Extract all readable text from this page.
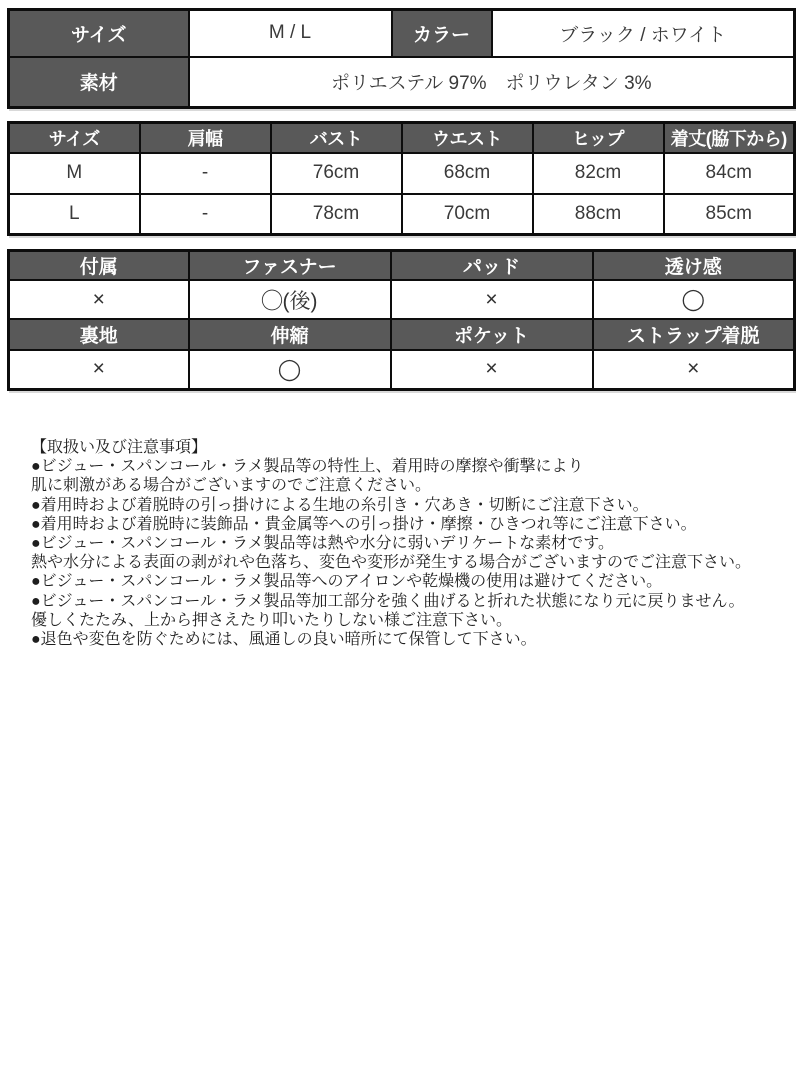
サイズ	M / L	カラー	ブラック / ホワイト
素材	ポリエステル 97%　ポリウレタン 3%		
サイズ	肩幅	バスト	ウエスト	ヒップ	着丈(脇下から)
M	-	76cm	68cm	82cm	84cm
L	-	78cm	70cm	88cm	85cm
付属	ファスナー	パッド	透け感
×	◯(後)	×	◯
裏地	伸縮	ポケット	ストラップ着脱
×	◯	×	×
【取扱い及び注意事項】
●ビジュー・スパンコール・ラメ製品等の特性上、着用時の摩擦や衝撃により
肌に刺激がある場合がございますのでご注意ください。
●着用時および着脱時の引っ掛けによる生地の糸引き・穴あき・切断にご注意下さい。
●着用時および着脱時に装飾品・貴金属等への引っ掛け・摩擦・ひきつれ等にご注意下さい。
●ビジュー・スパンコール・ラメ製品等は熱や水分に弱いデリケートな素材です。
熱や水分による表面の剥がれや色落ち、変色や変形が発生する場合がございますのでご注意下さい。
●ビジュー・スパンコール・ラメ製品等へのアイロンや乾燥機の使用は避けてください。
●ビジュー・スパンコール・ラメ製品等加工部分を強く曲げると折れた状態になり元に戻りません。
優しくたたみ、上から押さえたり叩いたりしない様ご注意下さい。
●退色や変色を防ぐためには、風通しの良い暗所にて保管して下さい。
